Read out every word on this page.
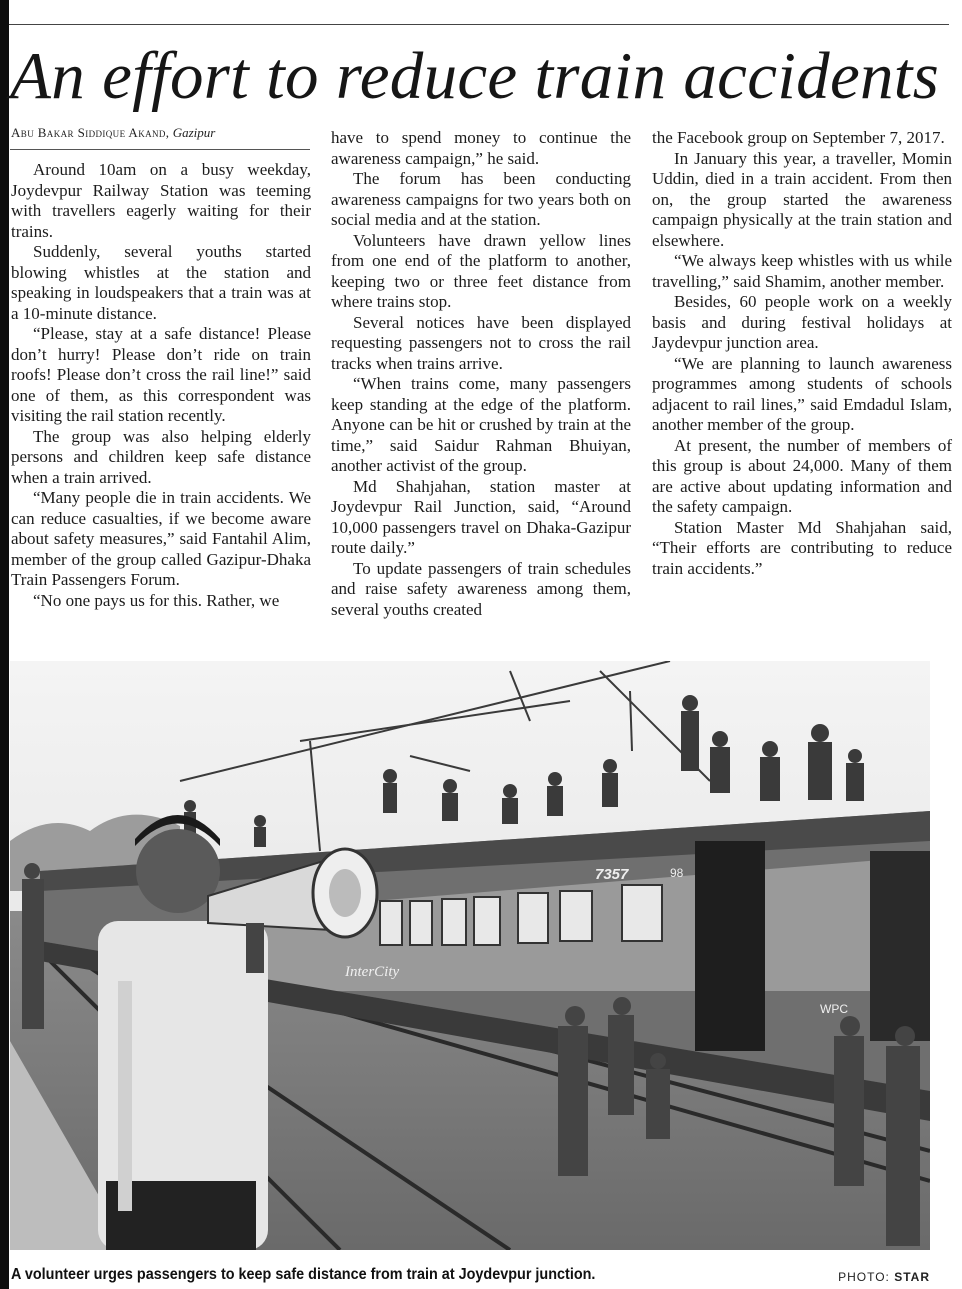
An effort to reduce train accidents
Abu Bakar Siddique Akand, Gazipur

Around 10am on a busy weekday, Joydevpur Railway Station was teeming with travellers eagerly waiting for their trains.

Suddenly, several youths started blowing whistles at the station and speaking in loudspeakers that a train was at a 10-minute distance.

“Please, stay at a safe distance! Please don’t hurry! Please don’t ride on train roofs! Please don’t cross the rail line!” said one of them, as this correspondent was visiting the rail station recently.

The group was also helping elderly persons and children keep safe distance when a train arrived.

“Many people die in train accidents. We can reduce casualties, if we become aware about safety measures,” said Fantahil Alim, member of the group called Gazipur-Dhaka Train Passengers Forum.

“No one pays us for this. Rather, we

have to spend money to continue the awareness campaign,” he said.

The forum has been conducting awareness campaigns for two years both on social media and at the station.

Volunteers have drawn yellow lines from one end of the platform to another, keeping two or three feet distance from where trains stop.

Several notices have been displayed requesting passengers not to cross the rail tracks when trains arrive.

“When trains come, many passengers keep standing at the edge of the platform. Anyone can be hit or crushed by train at the time,” said Saidur Rahman Bhuiyan, another activist of the group.

Md Shahjahan, station master at Joydevpur Rail Junction, said, “Around 10,000 passengers travel on Dhaka-Gazipur route daily.”

To update passengers of train schedules and raise safety awareness among them, several youths created

the Facebook group on September 7, 2017.

In January this year, a traveller, Momin Uddin, died in a train accident. From then on, the group started the awareness campaign physically at the train station and elsewhere.

“We always keep whistles with us while travelling,” said Shamim, another member.

Besides, 60 people work on a weekly basis and during festival holidays at Jaydevpur junction area.

“We are planning to launch awareness programmes among students of schools adjacent to rail lines,” said Emdadul Islam, another member of the group.

At present, the number of members of this group is about 24,000. Many of them are active about updating information and the safety campaign.

Station Master Md Shahjahan said, “Their efforts are contributing to reduce train accidents.”

7357	98
InterCity
WPC
A volunteer urges passengers to keep safe distance from train at Joydevpur junction.	PHOTO: STAR
